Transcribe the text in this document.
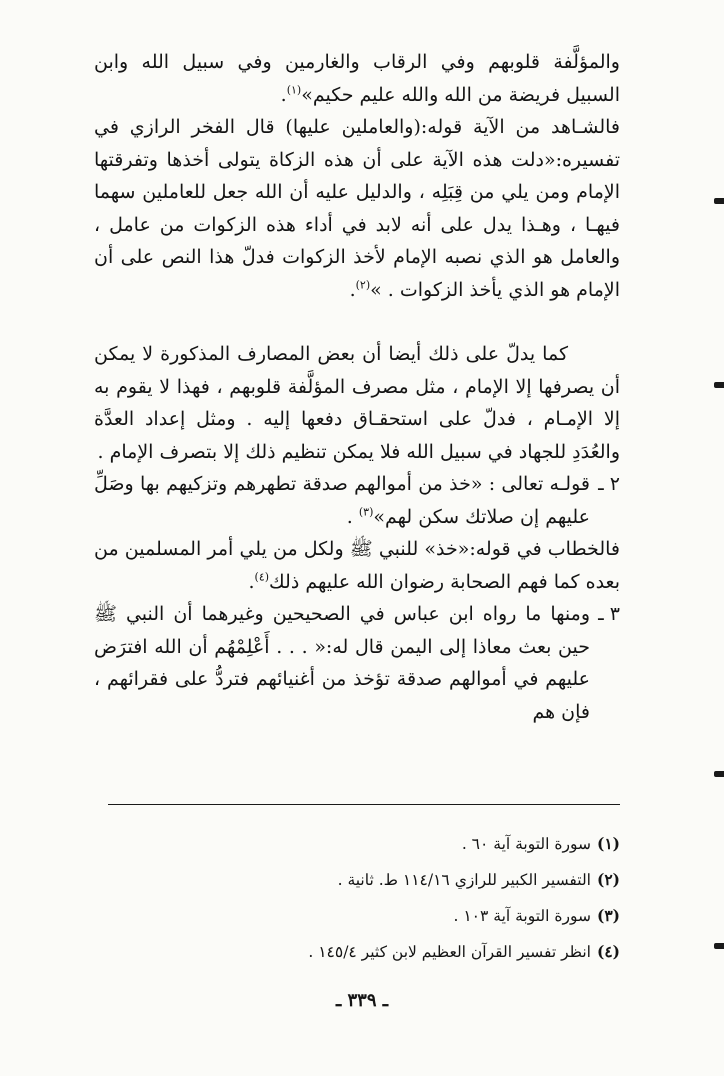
والمؤلَّفة قلوبهم وفي الرقاب والغارمين وفي سبيل الله وابن السبيل فريضة من الله والله عليم حكيم»$^{(١)}$.

فالشـاهد من الآية قوله:(والعاملين عليها) قال الفخر الرازي في تفسيره:«دلت هذه الآية على أن هذه الزكاة يتولى أخذها وتفرقتها الإمام ومن يلي من قِبَلِه ، والدليل عليه أن الله جعل للعاملين سهما فيهـا ، وهـذا يدل على أنه لابد في أداء هذه الزكوات من عامل ، والعامل هو الذي نصبه الإمام لأخذ الزكوات فدلّ هذا النص على أن الإمام هو الذي يأخذ الزكوات . »$^{(٢)}$.

كما يدلّ على ذلك أيضا أن بعض المصارف المذكورة لا يمكن أن يصرفها إلا الإمام ، مثل مصرف المؤلَّفة قلوبهم ، فهذا لا يقوم به إلا الإمـام ، فدلّ على استحقـاق دفعها إليه . ومثل إعداد العدَّة والعُدَدِ للجهاد في سبيل الله فلا يمكن تنظيم ذلك إلا بتصرف الإمام .

٢ ـ
قولـه تعالى : «خذ من أموالهم صدقة تطهرهم وتزكيهم بها وصَلِّ عليهم إن صلاتك سكن لهم»$^{(٣)}$ .

فالخطاب في قوله:«خذ» للنبي ﷺ ولكل من يلي أمر المسلمين من بعده كما فهم الصحابة رضوان الله عليهم ذلك$^{(٤)}$.

٣ ـ
ومنها ما رواه ابن عباس في الصحيحين وغيرهما أن النبي ﷺ حين بعث معاذا إلى اليمن قال له:« . . . أَعْلِمْهُم أن الله افترَض عليهم في أموالهم صدقة تؤخذ من أغنيائهم فتردُّ على فقرائهم ، فإن هم

(١)سورة التوبة آية ٦٠ .

(٢)التفسير الكبير للرازي ١١٤/١٦ ط. ثانية .

(٣)سورة التوبة آية ١٠٣ .

(٤)انظر تفسير القرآن العظيم لابن كثير ١٤٥/٤ .

ـ ٣٣٩ ـ
